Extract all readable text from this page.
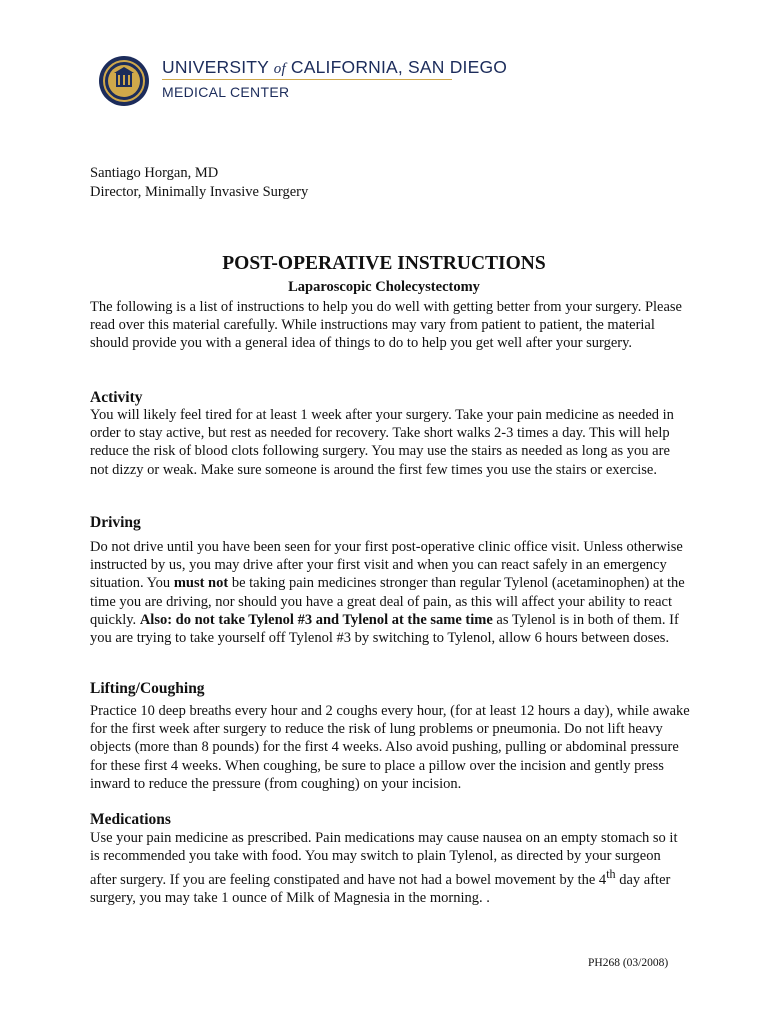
UNIVERSITY of CALIFORNIA, SAN DIEGO
MEDICAL CENTER
Santiago Horgan, MD
Director, Minimally Invasive Surgery
POST-OPERATIVE INSTRUCTIONS
Laparoscopic Cholecystectomy

The following is a list of instructions to help you do well with getting better from your surgery. Please read over this material carefully. While instructions may vary from patient to patient, the material should provide you with a general idea of things to do to help you get well after your surgery.

Activity

You will likely feel tired for at least 1 week after your surgery. Take your pain medicine as needed in order to stay active, but rest as needed for recovery. Take short walks 2-3 times a day. This will help reduce the risk of blood clots following surgery. You may use the stairs as needed as long as you are not dizzy or weak. Make sure someone is around the first few times you use the stairs or exercise.

Driving

Do not drive until you have been seen for your first post-operative clinic office visit. Unless otherwise instructed by us, you may drive after your first visit and when you can react safely in an emergency situation. You must not be taking pain medicines stronger than regular Tylenol (acetaminophen) at the time you are driving, nor should you have a great deal of pain, as this will affect your ability to react quickly. Also: do not take Tylenol #3 and Tylenol at the same time as Tylenol is in both of them. If you are trying to take yourself off Tylenol #3 by switching to Tylenol, allow 6 hours between doses.

Lifting/Coughing

Practice 10 deep breaths every hour and 2 coughs every hour, (for at least 12 hours a day), while awake for the first week after surgery to reduce the risk of lung problems or pneumonia. Do not lift heavy objects (more than 8 pounds) for the first 4 weeks. Also avoid pushing, pulling or abdominal pressure for these first 4 weeks. When coughing, be sure to place a pillow over the incision and gently press inward to reduce the pressure (from coughing) on your incision.

Medications

Use your pain medicine as prescribed. Pain medications may cause nausea on an empty stomach so it is recommended you take with food. You may switch to plain Tylenol, as directed by your surgeon after surgery. If you are feeling constipated and have not had a bowel movement by the 4th day after surgery, you may take 1 ounce of Milk of Magnesia in the morning. .

PH268 (03/2008)
